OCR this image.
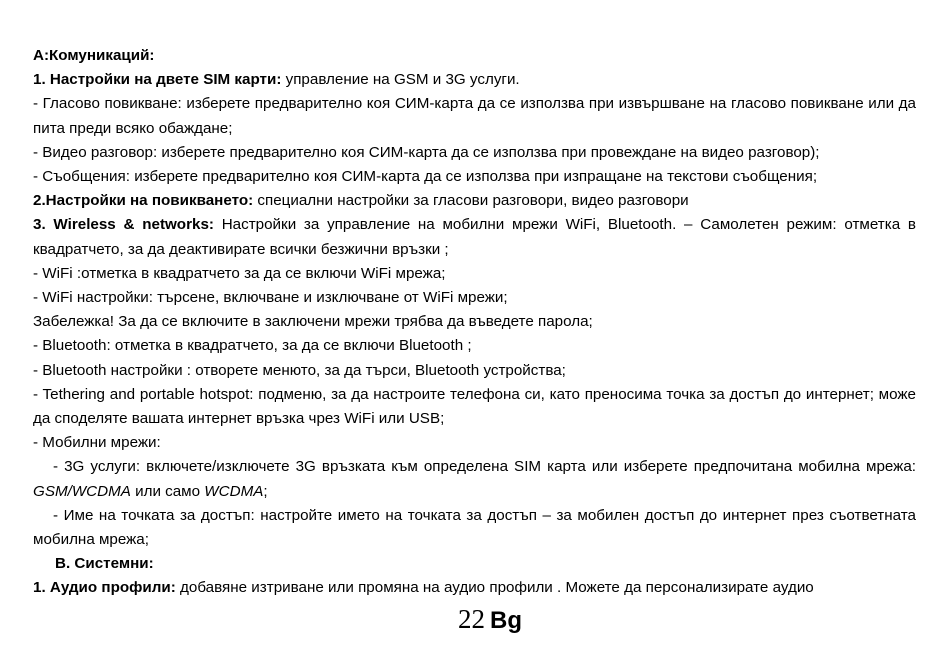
А:Комуникаций:

1. Настройки на двете SIM карти: управление на GSM и 3G услуги.

- Гласово повикване: изберете предварително коя СИМ-карта да се използва при извършване на гласово повикване или да пита преди всяко обаждане;

- Видео разговор: изберете предварително коя СИМ-карта да се използва при провеждане на видео разговор);

- Съобщения: изберете предварително коя СИМ-карта да се използва при изпращане на текстови съобщения;

2.Настройки на повикването: специални настройки за гласови разговори, видео разговори

3. Wireless & networks: Настройки за управление на мобилни мрежи WiFi, Bluetooth. – Самолетен режим: отметка в квадратчето, за да деактивирате всички безжични връзки ;

- WiFi :отметка в квадратчето за да се включи WiFi мрежа;

- WiFi настройки: търсене, включване и изключване от WiFi мрежи;

Забележка! За да се включите в заключени мрежи трябва да въведете парола;

- Bluetooth: отметка в квадратчето, за да се включи Bluetooth ;

- Bluetooth настройки : отворете менюто, за да търси, Bluetooth устройства;

- Tethering and portable hotspot: подменю, за да настроите телефона си, като преносима точка за достъп до интернет; може да споделяте вашата интернет връзка чрез WiFi или USB;

- Мобилни мрежи:

- 3G услуги: включете/изключете 3G връзката към определена SIM карта или изберете предпочитана мобилна мрежа: GSM/WCDMA или само WCDMA;

- Име на точката за достъп: настройте името на точката за достъп – за мобилен достъп до интернет през съответната мобилна мрежа;

B. Системни:

1. Аудио профили: добавяне изтриване или промяна на аудио профили . Можете да персонализирате аудио

22 Bg
